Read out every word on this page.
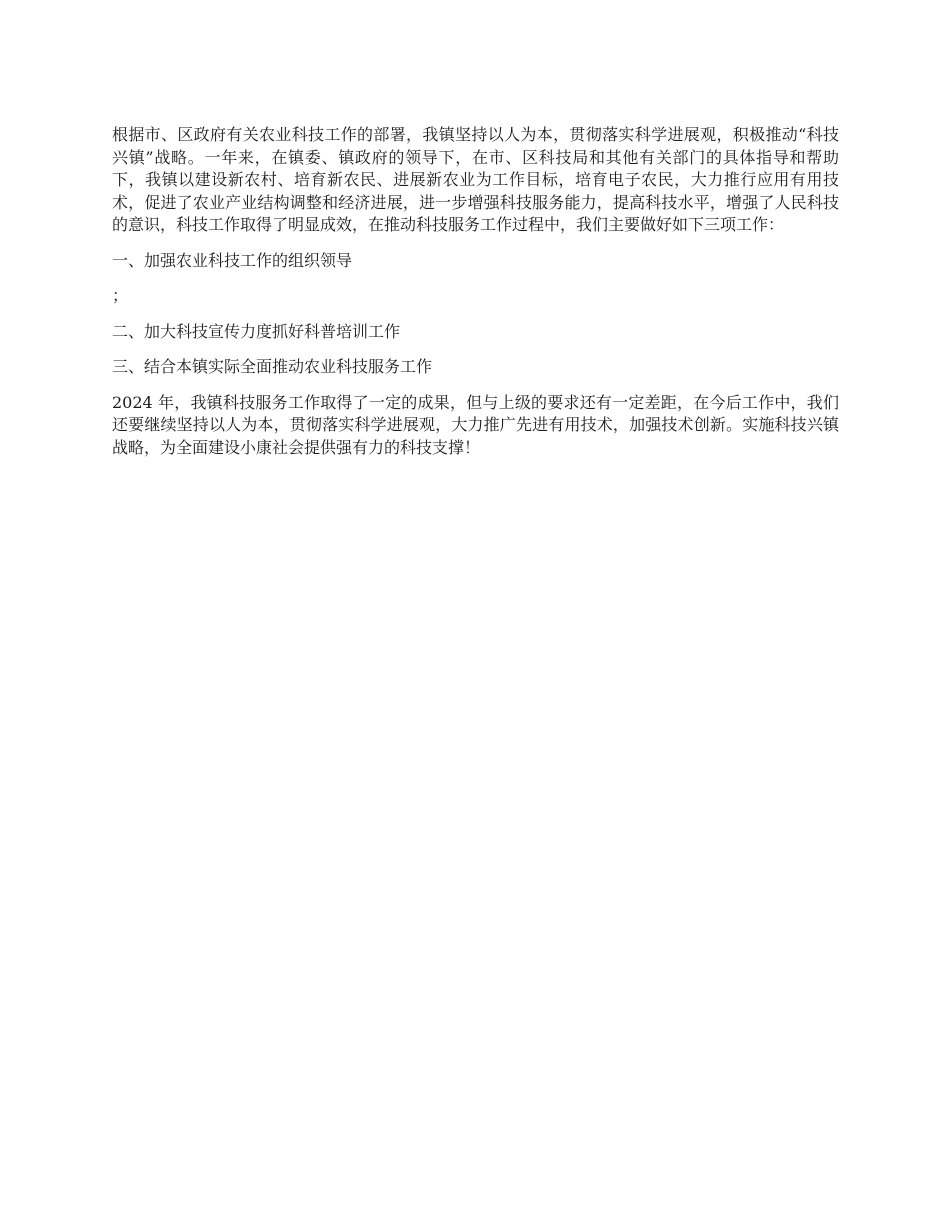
根据市、区政府有关农业科技工作的部署，我镇坚持以人为本，贯彻落实科学进展观，积极推动“科技兴镇”战略。一年来，在镇委、镇政府的领导下，在市、区科技局和其他有关部门的具体指导和帮助下，我镇以建设新农村、培育新农民、进展新农业为工作目标，培育电子农民，大力推行应用有用技术，促进了农业产业结构调整和经济进展，进一步增强科技服务能力，提高科技水平，增强了人民科技的意识，科技工作取得了明显成效，在推动科技服务工作过程中，我们主要做好如下三项工作：

一、加强农业科技工作的组织领导

；

二、加大科技宣传力度抓好科普培训工作

三、结合本镇实际全面推动农业科技服务工作

2024 年，我镇科技服务工作取得了一定的成果，但与上级的要求还有一定差距，在今后工作中，我们还要继续坚持以人为本，贯彻落实科学进展观，大力推广先进有用技术，加强技术创新。实施科技兴镇战略，为全面建设小康社会提供强有力的科技支撑！
